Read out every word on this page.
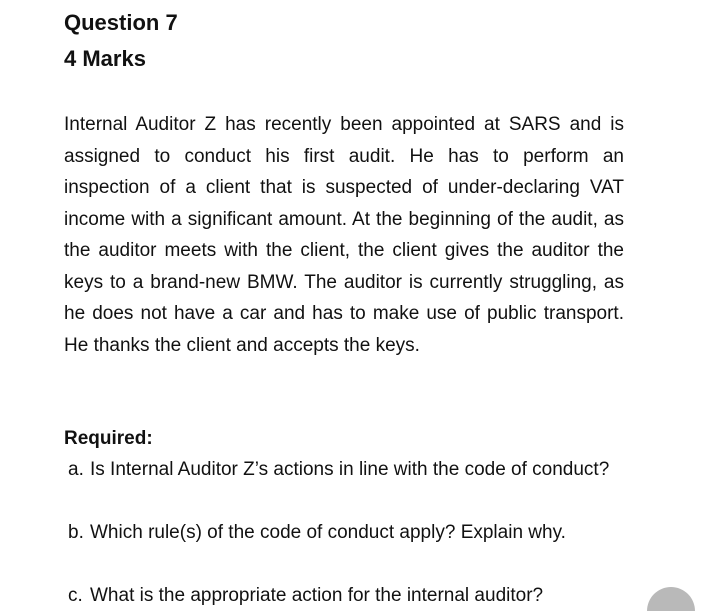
Question 7
4 Marks

Internal Auditor Z has recently been appointed at SARS and is assigned to conduct his first audit. He has to perform an inspection of a client that is suspected of under-declaring VAT income with a significant amount. At the beginning of the audit, as the auditor meets with the client, the client gives the auditor the keys to a brand-new BMW. The auditor is currently struggling, as he does not have a car and has to make use of public transport. He thanks the client and accepts the keys.

Required:

a. Is Internal Auditor Z’s actions in line with the code of conduct?
b. Which rule(s) of the code of conduct apply? Explain why.
c. What is the appropriate action for the internal auditor?
